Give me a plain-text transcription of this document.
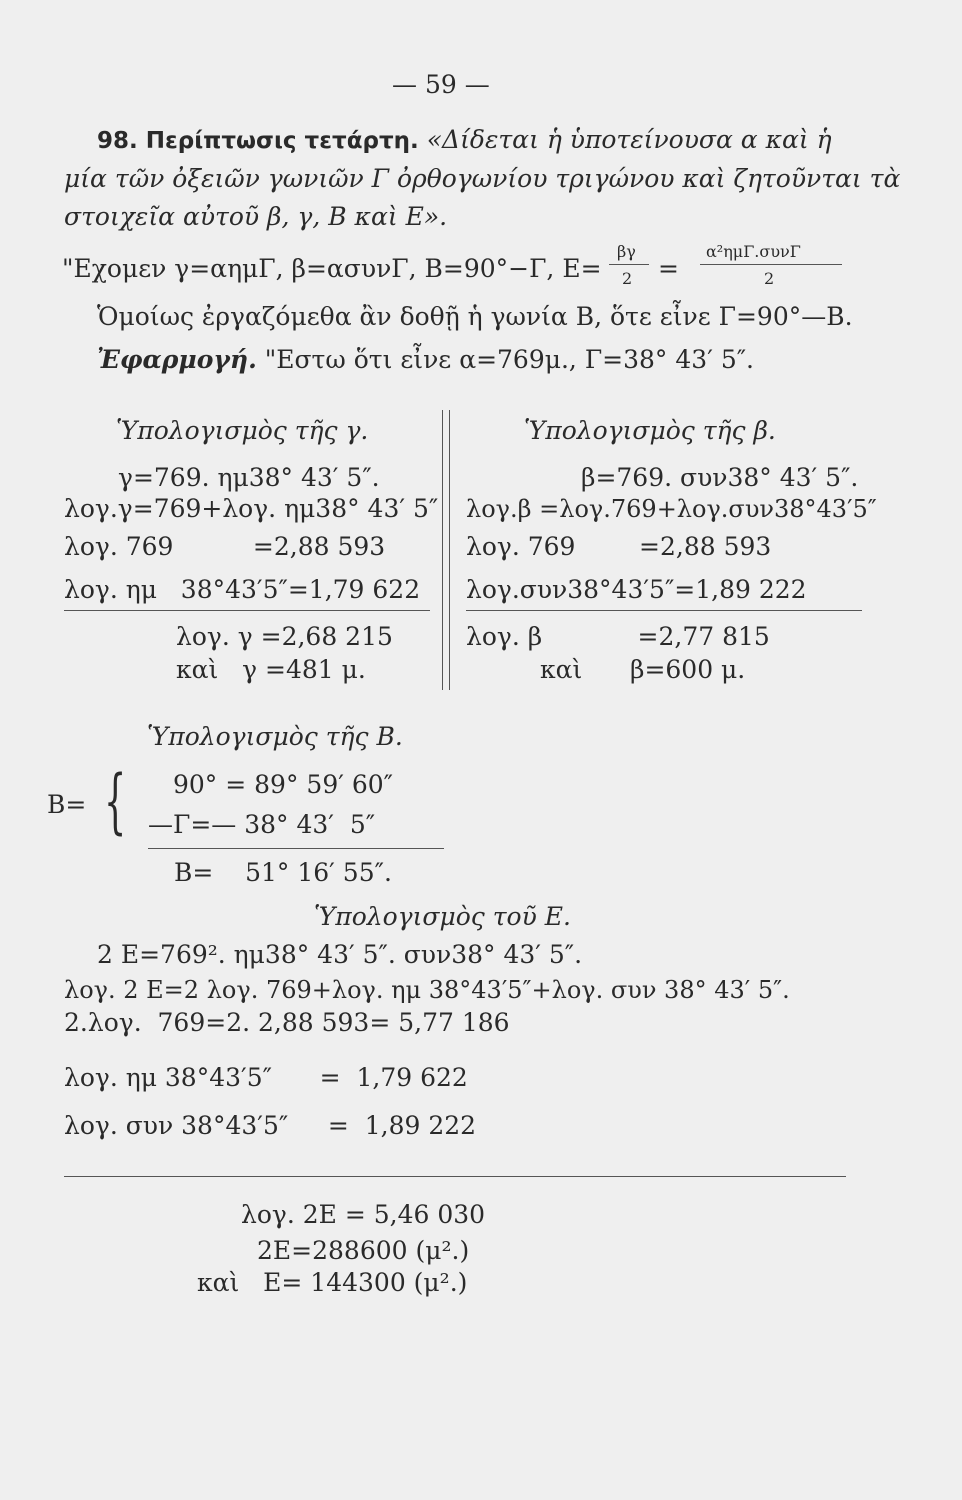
— 59 —
98. Περίπτωσις τετάρτη. «Δίδεται ἡ ὑποτείνουσα α καὶ ἡ
μία τῶν ὀξειῶν γωνιῶν Γ ὀρθογωνίου τριγώνου καὶ ζητοῦνται τὰ
στοιχεῖα αὐτοῦ β, γ, Β καὶ Ε».
"Εχομεν γ=αημΓ, β=ασυνΓ, Β=90°−Γ, Ε=
βγ
2 =
α²ημΓ.συνΓ
2
Ὁμοίως ἐργαζόμεθα ἂν δοθῇ ἡ γωνία Β, ὅτε εἶνε Γ=90°—Β.
Ἐφαρμογή. "Εστω ὅτι εἶνε α=769μ., Γ=38° 43′ 5″.
Ὑπολογισμὸς τῆς γ.
γ=769. ημ38° 43′ 5″.
λογ.γ=769+λογ. ημ38° 43′ 5″
λογ. 769          =2,88 593
λογ. ημ   38°43′5″=1,79 622
λογ. γ =2,68 215
καὶ   γ =481 μ.
Ὑπολογισμὸς τῆς β.
β=769. συν38° 43′ 5″.
λογ.β =λογ.769+λογ.συν38°43′5″
λογ. 769        =2,88 593
λογ.συν38°43′5″=1,89 222
λογ. β            =2,77 815
καὶ      β=600 μ.
Ὑπολογισμὸς τῆς Β.
Β= { 90° = 89° 59′ 60″
—Γ=— 38° 43′  5″
Β=    51° 16′ 55″.
Ὑπολογισμὸς τοῦ Ε.
2 Ε=769². ημ38° 43′ 5″. συν38° 43′ 5″.
λογ. 2 Ε=2 λογ. 769+λογ. ημ 38°43′5″+λογ. συν 38° 43′ 5″.
2.λογ.  769=2. 2,88 593= 5,77 186
λογ. ημ 38°43′5″      =  1,79 622
λογ. συν 38°43′5″     =  1,89 222
λογ. 2Ε = 5,46 030
2Ε=288600 (μ².)
καὶ   Ε= 144300 (μ².)
